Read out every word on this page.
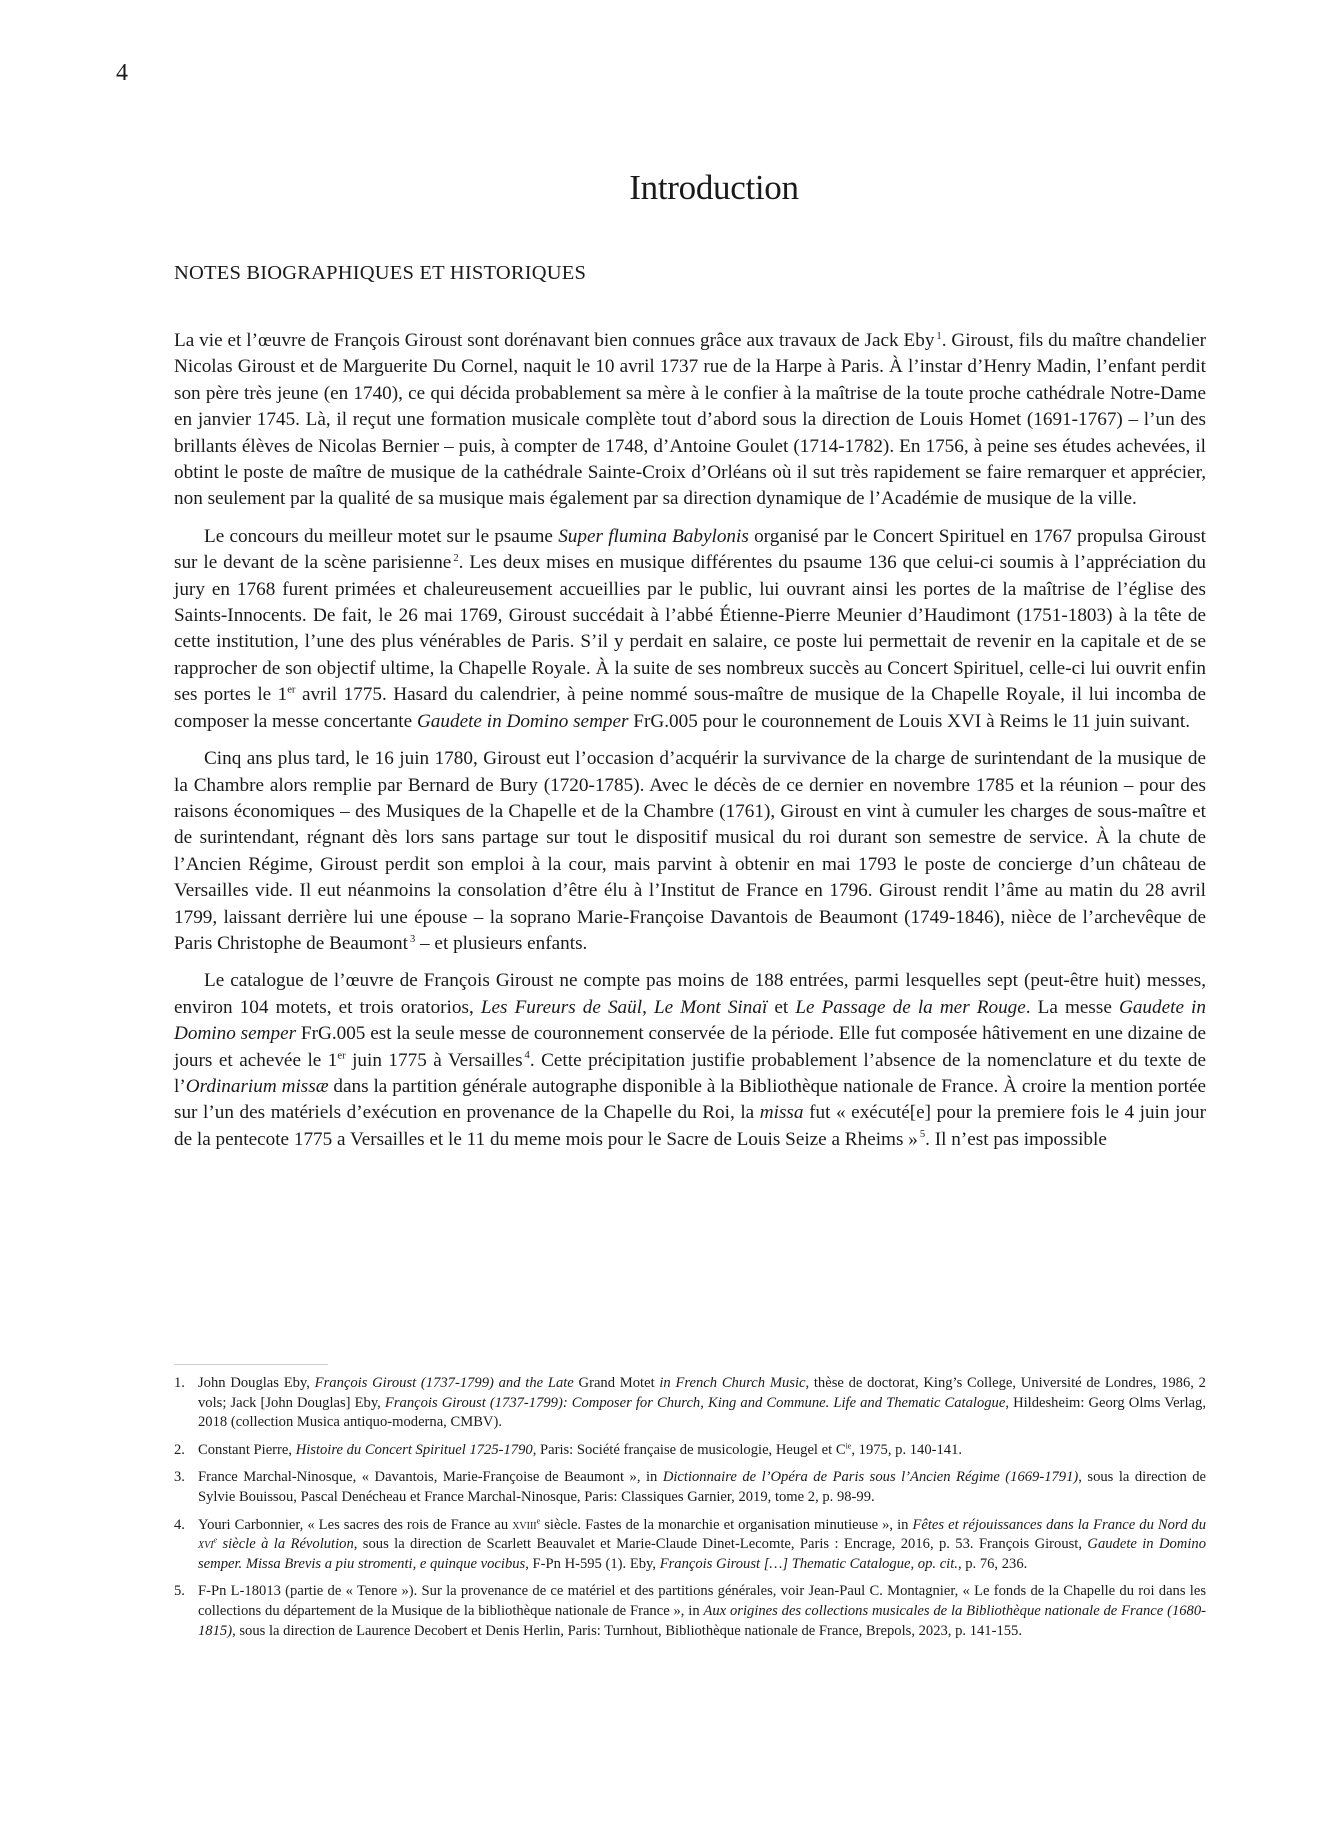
4
Introduction
NOTES BIOGRAPHIQUES ET HISTORIQUES

La vie et l’œuvre de François Giroust sont dorénavant bien connues grâce aux travaux de Jack Eby $^1$. Giroust, fils du maître chandelier Nicolas Giroust et de Marguerite Du Cornel, naquit le 10 avril 1737 rue de la Harpe à Paris. À l’instar d’Henry Madin, l’enfant perdit son père très jeune (en 1740), ce qui décida probablement sa mère à le confier à la maîtrise de la toute proche cathédrale Notre-Dame en janvier 1745. Là, il reçut une formation musicale complète tout d’abord sous la direction de Louis Homet (1691-1767) – l’un des brillants élèves de Nicolas Bernier – puis, à compter de 1748, d’Antoine Goulet (1714-1782). En 1756, à peine ses études achevées, il obtint le poste de maître de musique de la cathédrale Sainte-Croix d’Orléans où il sut très rapidement se faire remarquer et apprécier, non seulement par la qualité de sa musique mais également par sa direction dynamique de l’Académie de musique de la ville.

Le concours du meilleur motet sur le psaume Super flumina Babylonis organisé par le Concert Spirituel en 1767 propulsa Giroust sur le devant de la scène parisienne $^2$. Les deux mises en musique différentes du psaume 136 que celui-ci soumis à l’appréciation du jury en 1768 furent primées et chaleureusement accueillies par le public, lui ouvrant ainsi les portes de la maîtrise de l’église des Saints-Innocents. De fait, le 26 mai 1769, Giroust succédait à l’abbé Étienne-Pierre Meunier d’Haudimont (1751-1803) à la tête de cette institution, l’une des plus vénérables de Paris. S’il y perdait en salaire, ce poste lui permettait de revenir en la capitale et de se rapprocher de son objectif ultime, la Chapelle Royale. À la suite de ses nombreux succès au Concert Spirituel, celle-ci lui ouvrit enfin ses portes le 1er avril 1775. Hasard du calendrier, à peine nommé sous-maître de musique de la Chapelle Royale, il lui incomba de composer la messe concertante Gaudete in Domino semper FrG.005 pour le couronnement de Louis XVI à Reims le 11 juin suivant.

Cinq ans plus tard, le 16 juin 1780, Giroust eut l’occasion d’acquérir la survivance de la charge de surintendant de la musique de la Chambre alors remplie par Bernard de Bury (1720-1785). Avec le décès de ce dernier en novembre 1785 et la réunion – pour des raisons économiques – des Musiques de la Chapelle et de la Chambre (1761), Giroust en vint à cumuler les charges de sous-maître et de surintendant, régnant dès lors sans partage sur tout le dispositif musical du roi durant son semestre de service. À la chute de l’Ancien Régime, Giroust perdit son emploi à la cour, mais parvint à obtenir en mai 1793 le poste de concierge d’un château de Versailles vide. Il eut néanmoins la consolation d’être élu à l’Institut de France en 1796. Giroust rendit l’âme au matin du 28 avril 1799, laissant derrière lui une épouse – la soprano Marie-Françoise Davantois de Beaumont (1749-1846), nièce de l’archevêque de Paris Christophe de Beaumont $^3$ – et plusieurs enfants.

Le catalogue de l’œuvre de François Giroust ne compte pas moins de 188 entrées, parmi lesquelles sept (peut-être huit) messes, environ 104 motets, et trois oratorios, Les Fureurs de Saül, Le Mont Sinaï et Le Passage de la mer Rouge. La messe Gaudete in Domino semper FrG.005 est la seule messe de couronnement conservée de la période. Elle fut composée hâtivement en une dizaine de jours et achevée le 1er juin 1775 à Versailles $^4$. Cette précipitation justifie probablement l’absence de la nomenclature et du texte de l’Ordinarium missæ dans la partition générale autographe disponible à la Bibliothèque nationale de France. À croire la mention portée sur l’un des matériels d’exécution en provenance de la Chapelle du Roi, la missa fut « exécuté[e] pour la premiere fois le 4 juin jour de la pentecote 1775 a Versailles et le 11 du meme mois pour le Sacre de Louis Seize a Rheims » $^5$. Il n’est pas impossible

1. John Douglas Eby, François Giroust (1737-1799) and the Late Grand Motet in French Church Music, thèse de doctorat, King’s College, Université de Londres, 1986, 2 vols; Jack [John Douglas] Eby, François Giroust (1737-1799): Composer for Church, King and Commune. Life and Thematic Catalogue, Hildesheim: Georg Olms Verlag, 2018 (collection Musica antiquo-moderna, CMBV).
2. Constant Pierre, Histoire du Concert Spirituel 1725-1790, Paris: Société française de musicologie, Heugel et $C^{ie}$, 1975, p. 140-141.
3. France Marchal-Ninosque, « Davantois, Marie-Françoise de Beaumont », in Dictionnaire de l’Opéra de Paris sous l’Ancien Régime (1669-1791), sous la direction de Sylvie Bouissou, Pascal Denécheau et France Marchal-Ninosque, Paris: Classiques Garnier, 2019, tome 2, p. 98-99.
4. Youri Carbonnier, « Les sacres des rois de France au xviii$^e$ siècle. Fastes de la monarchie et organisation minutieuse », in Fêtes et réjouissances dans la France du Nord du xvi$^e$ siècle à la Révolution, sous la direction de Scarlett Beauvalet et Marie-Claude Dinet-Lecomte, Paris : Encrage, 2016, p. 53. François Giroust, Gaudete in Domino semper. Missa Brevis a piu stromenti, e quinque vocibus, F-Pn H-595 (1). Eby, François Giroust […] Thematic Catalogue, op. cit., p. 76, 236.
5. F-Pn L-18013 (partie de « Tenore »). Sur la provenance de ce matériel et des partitions générales, voir Jean-Paul C. Montagnier, « Le fonds de la Chapelle du roi dans les collections du département de la Musique de la bibliothèque nationale de France », in Aux origines des collections musicales de la Bibliothèque nationale de France (1680-1815), sous la direction de Laurence Decobert et Denis Herlin, Paris: Turnhout, Bibliothèque nationale de France, Brepols, 2023, p. 141-155.
